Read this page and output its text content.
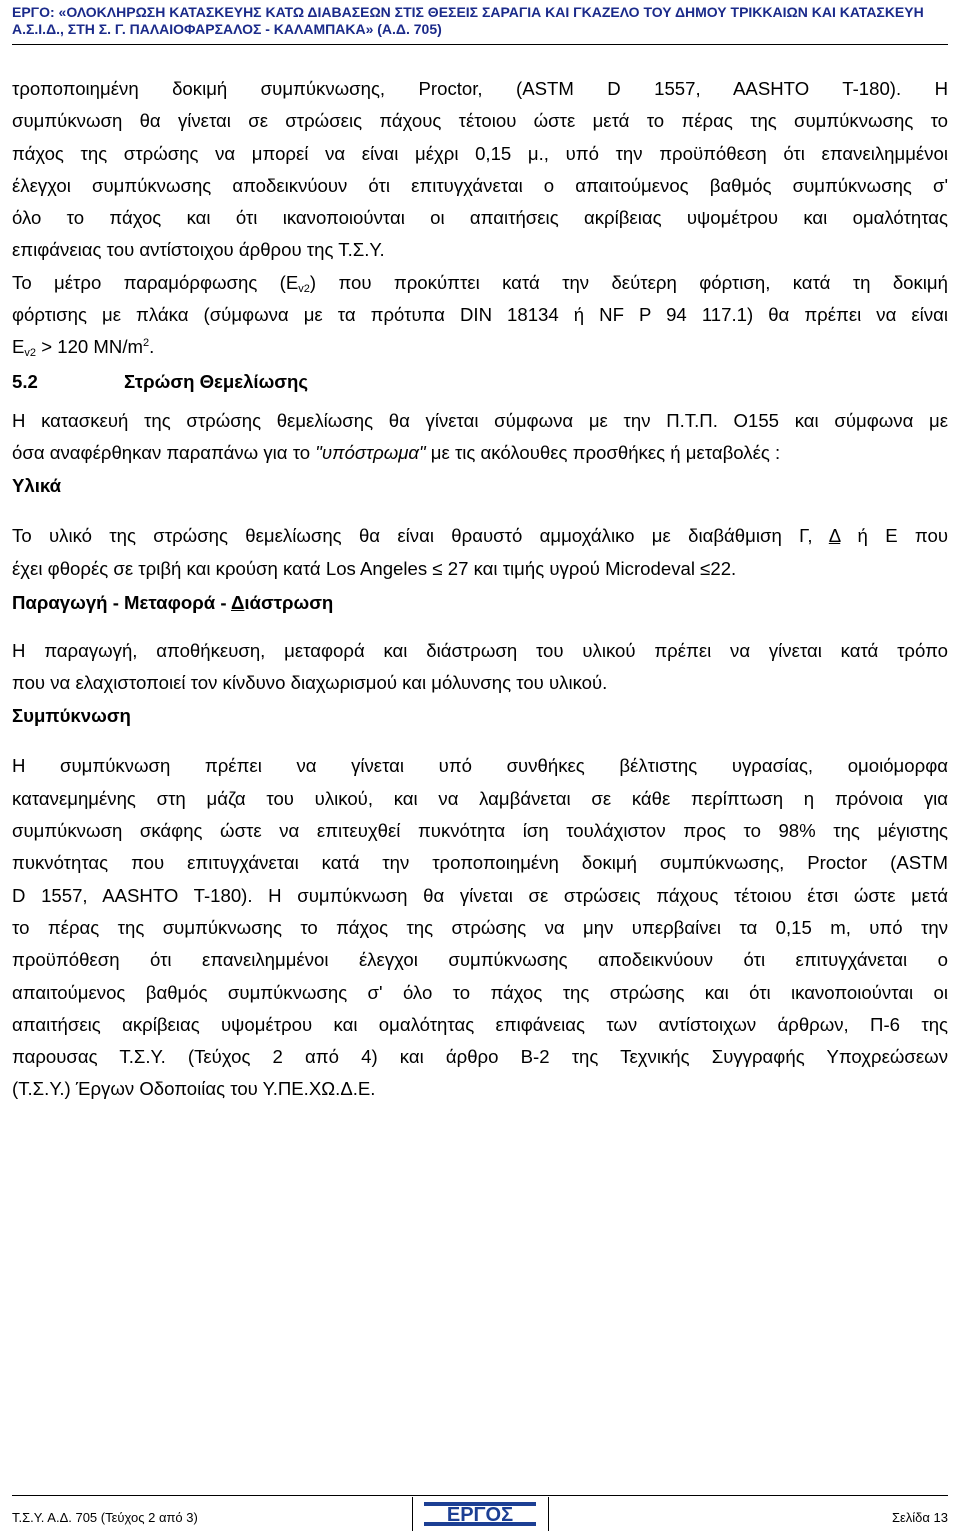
ΕΡΓΟ: «ΟΛΟΚΛΗΡΩΣΗ ΚΑΤΑΣΚΕΥΗΣ ΚΑΤΩ ΔΙΑΒΑΣΕΩΝ ΣΤΙΣ ΘΕΣΕΙΣ ΣΑΡΑΓΙΑ ΚΑΙ ΓΚΑΖΕΛΟ ΤΟΥ ΔΗΜΟΥ ΤΡΙΚΚΑΙΩΝ ΚΑΙ ΚΑΤΑΣΚΕΥΗ
Α.Σ.Ι.Δ., ΣΤΗ Σ. Γ. ΠΑΛΑΙΟΦΑΡΣΑΛΟΣ - ΚΑΛΑΜΠΑΚΑ» (Α.Δ. 705)
τροποποιημένη δοκιμή συμπύκνωσης, Proctor, (ASTM D 1557, AASHTO T-180). Η
συμπύκνωση θα γίνεται σε στρώσεις πάχους τέτοιου ώστε μετά το πέρας της συμπύκνωσης το
πάχος της στρώσης να μπορεί να είναι μέχρι 0,15 μ., υπό την προϋπόθεση ότι επανειλημμένοι
έλεγχοι συμπύκνωσης αποδεικνύουν ότι επιτυγχάνεται ο απαιτούμενος βαθμός συμπύκνωσης σ'
όλο το πάχος και ότι ικανοποιούνται οι απαιτήσεις ακρίβειας υψομέτρου και ομαλότητας
επιφάνειας του αντίστοιχου άρθρου της Τ.Σ.Υ.
Το μέτρο παραμόρφωσης $(E_{v2})$ που προκύπτει κατά την δεύτερη φόρτιση, κατά τη δοκιμή
φόρτισης με πλάκα (σύμφωνα με τα πρότυπα DIN 18134 ή NF P 94 117.1) θα πρέπει να είναι
$E_{v2} > 120$ $MN/m^2$.
5.2	Στρώση Θεμελίωσης
Η κατασκευή της στρώσης θεμελίωσης θα γίνεται σύμφωνα με την Π.Τ.Π. Ο155 και σύμφωνα με
όσα αναφέρθηκαν παραπάνω για το "υπόστρωμα" με τις ακόλουθες προσθήκες ή μεταβολές :
Υλικά
Το υλικό της στρώσης θεμελίωσης θα είναι θραυστό αμμοχάλικο με διαβάθμιση Γ, Δ ή Ε που
έχει φθορές σε τριβή και κρούση κατά Los Angeles ≤ 27 και τιμής υγρού Microdeval ≤22.
Παραγωγή - Μεταφορά - Διάστρωση
Η παραγωγή, αποθήκευση, μεταφορά και διάστρωση του υλικού πρέπει να γίνεται κατά τρόπο
που να ελαχιστοποιεί τον κίνδυνο διαχωρισμού και μόλυνσης του υλικού.
Συμπύκνωση
Η συμπύκνωση πρέπει να γίνεται υπό συνθήκες βέλτιστης υγρασίας, ομοιόμορφα
κατανεμημένης στη μάζα του υλικού, και να λαμβάνεται σε κάθε περίπτωση η πρόνοια για
συμπύκνωση σκάφης ώστε να επιτευχθεί πυκνότητα ίση τουλάχιστον προς το 98% της μέγιστης
πυκνότητας που επιτυγχάνεται κατά την τροποποιημένη δοκιμή συμπύκνωσης, Proctor (ASTM
D 1557, AASHTO T-180). Η συμπύκνωση θα γίνεται σε στρώσεις πάχους τέτοιου έτσι ώστε μετά
το πέρας της συμπύκνωσης το πάχος της στρώσης να μην υπερβαίνει τα 0,15 m, υπό την
προϋπόθεση ότι επανειλημμένοι έλεγχοι συμπύκνωσης αποδεικνύουν ότι επιτυγχάνεται ο
απαιτούμενος βαθμός συμπύκνωσης σ' όλο το πάχος της στρώσης και ότι ικανοποιούνται οι
απαιτήσεις ακρίβειας υψομέτρου και ομαλότητας επιφάνειας των αντίστοιχων άρθρων, Π-6 της
παρουσας Τ.Σ.Υ. (Τεύχος 2 από 4) και άρθρο Β-2 της Τεχνικής Συγγραφής Υποχρεώσεων
(Τ.Σ.Υ.) Έργων Οδοποιίας του Υ.ΠΕ.ΧΩ.Δ.Ε.
Τ.Σ.Υ. Α.Δ. 705 (Τεύχος 2 από 3)	ΕΡΓΟΣ	Σελίδα 13
